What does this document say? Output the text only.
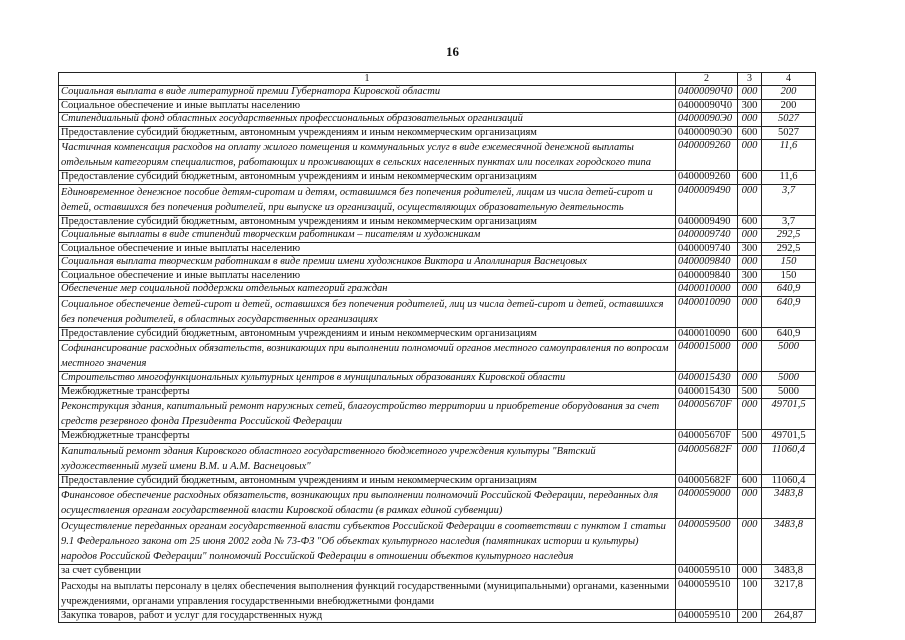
16
1	2	3	4
Социальная выплата в виде литературной премии Губернатора Кировской области	04000090Ч0	000	200
Социальное обеспечение и иные выплаты населению	04000090Ч0	300	200
Стипендиальный фонд областных государственных профессиональных образовательных организаций	04000090Э0	000	5027
Предоставление субсидий бюджетным, автономным учреждениям и иным некоммерческим организациям	04000090Э0	600	5027
Частичная компенсация расходов на оплату жилого помещения и коммунальных услуг в виде ежемесячной денежной выплаты отдельным категориям специалистов, работающих и проживающих в сельских населенных пунктах или поселках городского типа	0400009260	000	11,6
Предоставление субсидий бюджетным, автономным учреждениям и иным некоммерческим организациям	0400009260	600	11,6
Единовременное денежное пособие детям-сиротам и детям, оставшимся без попечения родителей, лицам из числа детей-сирот и детей, оставшихся без попечения родителей, при выпуске из организаций, осуществляющих образовательную деятельность	0400009490	000	3,7
Предоставление субсидий бюджетным, автономным учреждениям и иным некоммерческим организациям	0400009490	600	3,7
Социальные выплаты в виде стипендий творческим работникам – писателям и художникам	0400009740	000	292,5
Социальное обеспечение и иные выплаты населению	0400009740	300	292,5
Социальная выплата творческим работникам в виде премии имени художников Виктора и Аполлинария Васнецовых	0400009840	000	150
Социальное обеспечение и иные выплаты населению	0400009840	300	150
Обеспечение мер социальной поддержки отдельных категорий граждан	0400010000	000	640,9
Социальное обеспечение детей-сирот и детей, оставшихся без попечения родителей, лиц из числа детей-сирот и детей, оставшихся без попечения родителей, в областных государственных организациях	0400010090	000	640,9
Предоставление субсидий бюджетным, автономным учреждениям и иным некоммерческим организациям	0400010090	600	640,9
Софинансирование расходных обязательств, возникающих при выполнении полномочий органов местного самоуправления по вопросам местного значения	0400015000	000	5000
Строительство многофункциональных культурных центров в муниципальных образованиях Кировской области	0400015430	000	5000
Межбюджетные трансферты	0400015430	500	5000
Реконструкция здания, капитальный ремонт наружных сетей, благоустройство территории и приобретение оборудования за счет средств резервного фонда Президента Российской Федерации	040005670F	000	49701,5
Межбюджетные трансферты	040005670F	500	49701,5
Капитальный ремонт здания Кировского областного государственного бюджетного учреждения культуры "Вятский художественный музей имени В.М. и А.М. Васнецовых"	040005682F	000	11060,4
Предоставление субсидий бюджетным, автономным учреждениям и иным некоммерческим организациям	040005682F	600	11060,4
Финансовое обеспечение расходных обязательств, возникающих при выполнении полномочий Российской Федерации, переданных для осуществления органам государственной власти Кировской области (в рамках единой субвенции)	0400059000	000	3483,8
Осуществление переданных органам государственной власти субъектов Российской Федерации в соответствии с пунктом 1 статьи 9.1 Федерального закона от 25 июня 2002 года № 73-ФЗ "Об объектах культурного наследия (памятниках истории и культуры) народов Российской Федерации" полномочий Российской Федерации в отношении объектов культурного наследия	0400059500	000	3483,8
за счет субвенции	0400059510	000	3483,8
Расходы на выплаты персоналу в целях обеспечения выполнения функций государственными (муниципальными) органами, казенными учреждениями, органами управления государственными внебюджетными фондами	0400059510	100	3217,8
Закупка товаров, работ и услуг для государственных нужд	0400059510	200	264,87
